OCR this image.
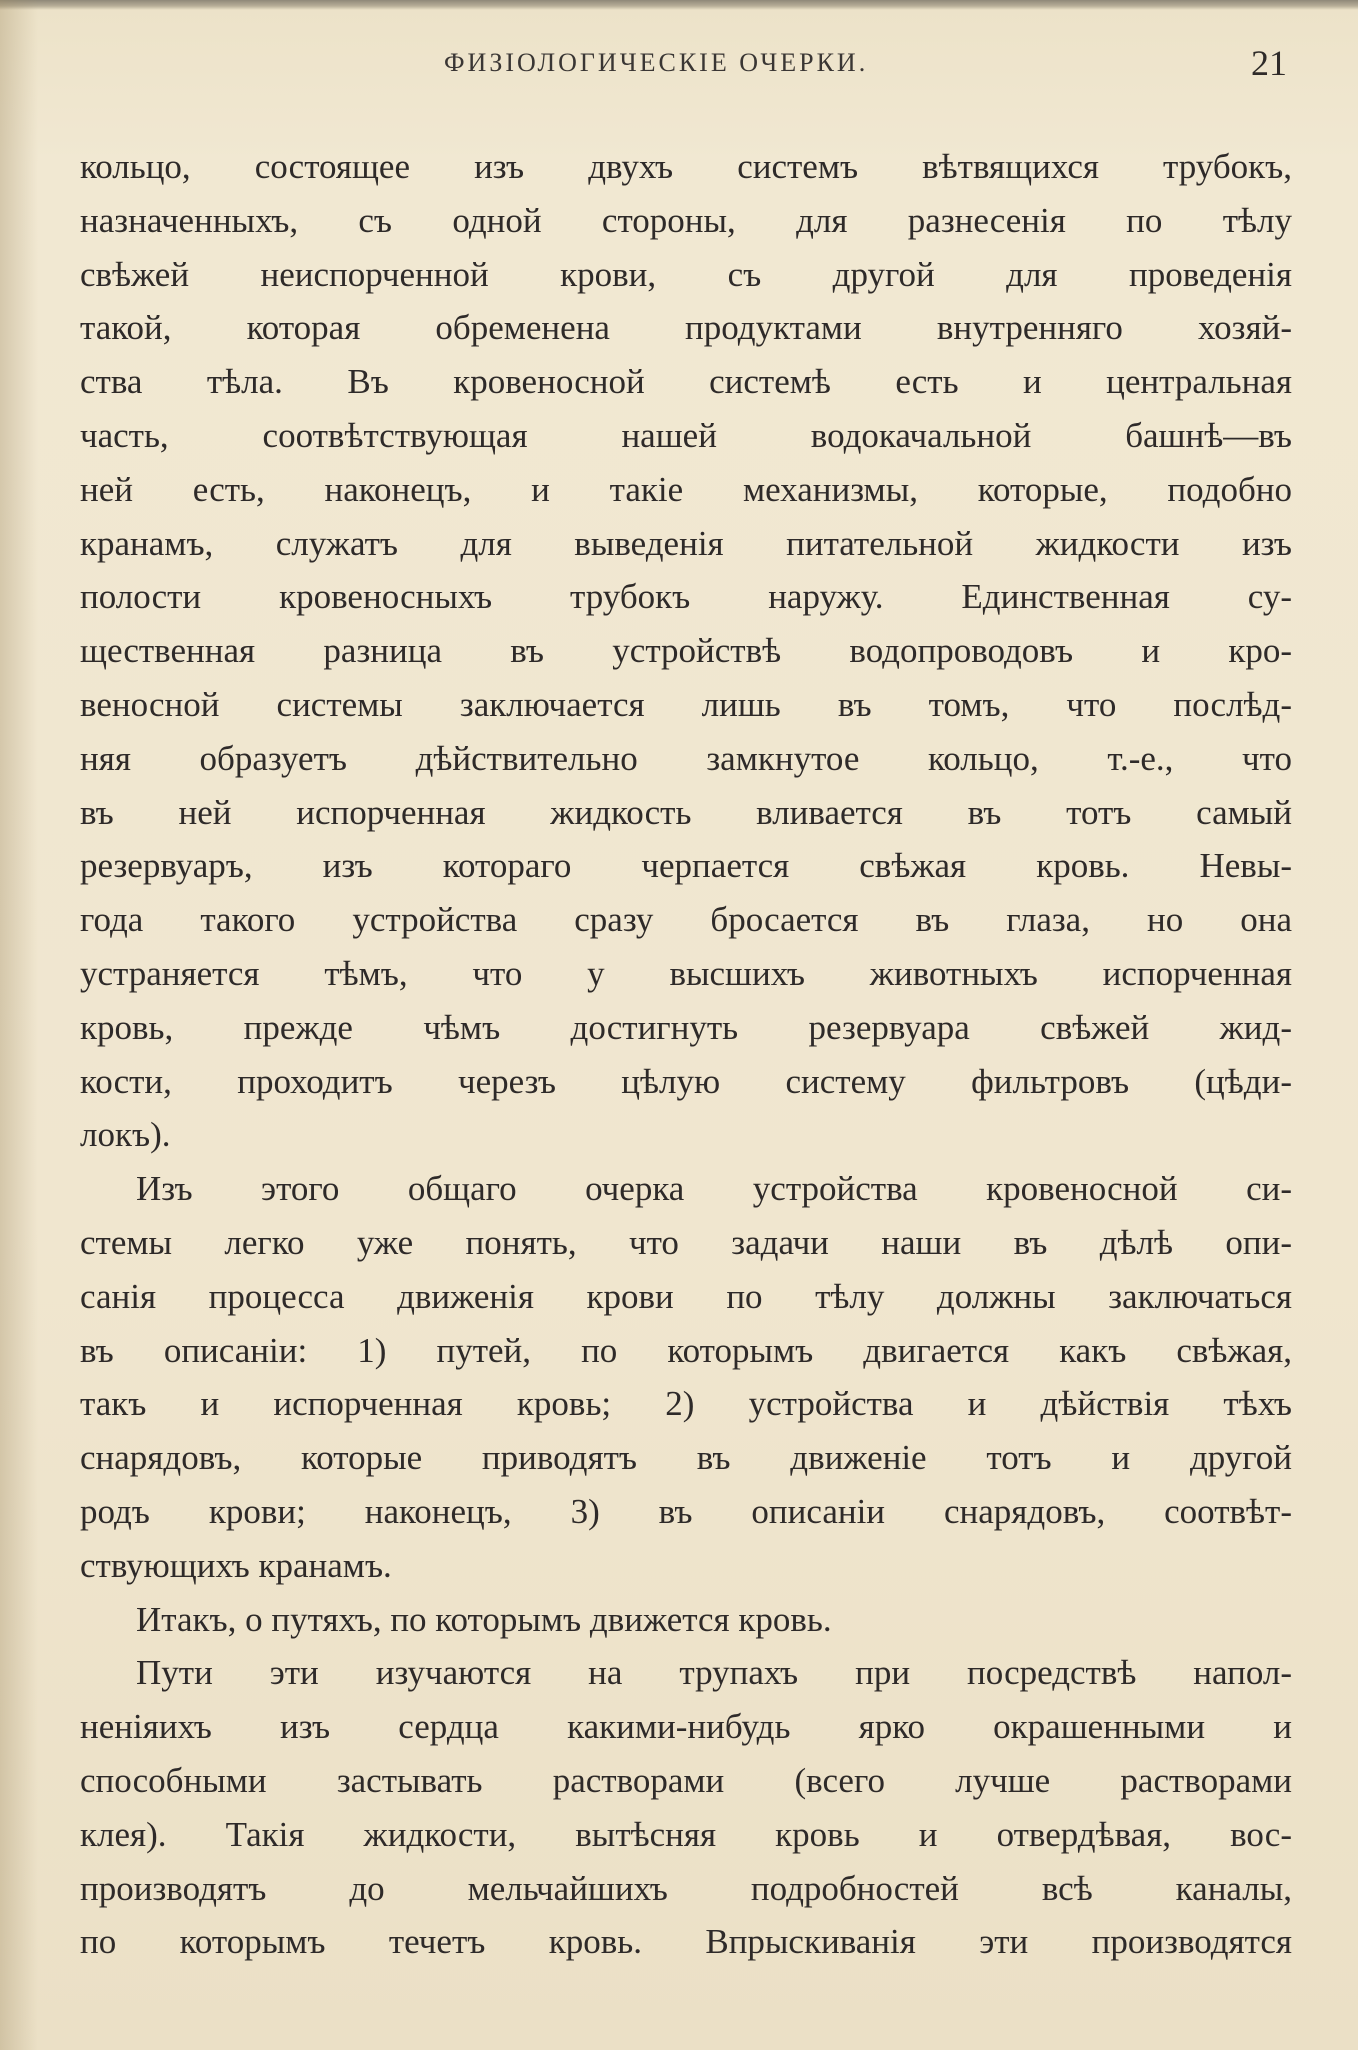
ФИЗIОЛОГИЧЕСКIЕ ОЧЕРКИ.	21
кольцо, состоящее изъ двухъ системъ вѣтвящихся трубокъ,
назначенныхъ, съ одной стороны, для разнесенія по тѣлу
свѣжей неиспорченной крови, съ другой для проведенія
такой, которая обременена продуктами внутренняго хозяй-
ства тѣла. Въ кровеносной системѣ есть и центральная
часть, соотвѣтствующая нашей водокачальной башнѣ—въ
ней есть, наконецъ, и такіе механизмы, которые, подобно
кранамъ, служатъ для выведенія питательной жидкости изъ
полости кровеносныхъ трубокъ наружу. Единственная су-
щественная разница въ устройствѣ водопроводовъ и кро-
веносной системы заключается лишь въ томъ, что послѣд-
няя образуетъ дѣйствительно замкнутое кольцо, т.-е., что
въ ней испорченная жидкость вливается въ тотъ самый
резервуаръ, изъ котораго черпается свѣжая кровь. Невы-
года такого устройства сразу бросается въ глаза, но она
устраняется тѣмъ, что у высшихъ животныхъ испорченная
кровь, прежде чѣмъ достигнуть резервуара свѣжей жид-
кости, проходитъ черезъ цѣлую систему фильтровъ (цѣди-
локъ).
Изъ этого общаго очерка устройства кровеносной си-
стемы легко уже понять, что задачи наши въ дѣлѣ опи-
санія процесса движенія крови по тѣлу должны заключаться
въ описаніи: 1) путей, по которымъ двигается какъ свѣжая,
такъ и испорченная кровь; 2) устройства и дѣйствія тѣхъ
снарядовъ, которые приводятъ въ движеніе тотъ и другой
родъ крови; наконецъ, 3) въ описаніи снарядовъ, соотвѣт-
ствующихъ кранамъ.
Итакъ, о путяхъ, по которымъ движется кровь.
Пути эти изучаются на трупахъ при посредствѣ напол-
неніяихъ изъ сердца какими-нибудь ярко окрашенными и
способными застывать растворами (всего лучше растворами
клея). Такія жидкости, вытѣсняя кровь и отвердѣвая, вос-
производятъ до мельчайшихъ подробностей всѣ каналы,
по которымъ течетъ кровь. Впрыскиванія эти производятся
